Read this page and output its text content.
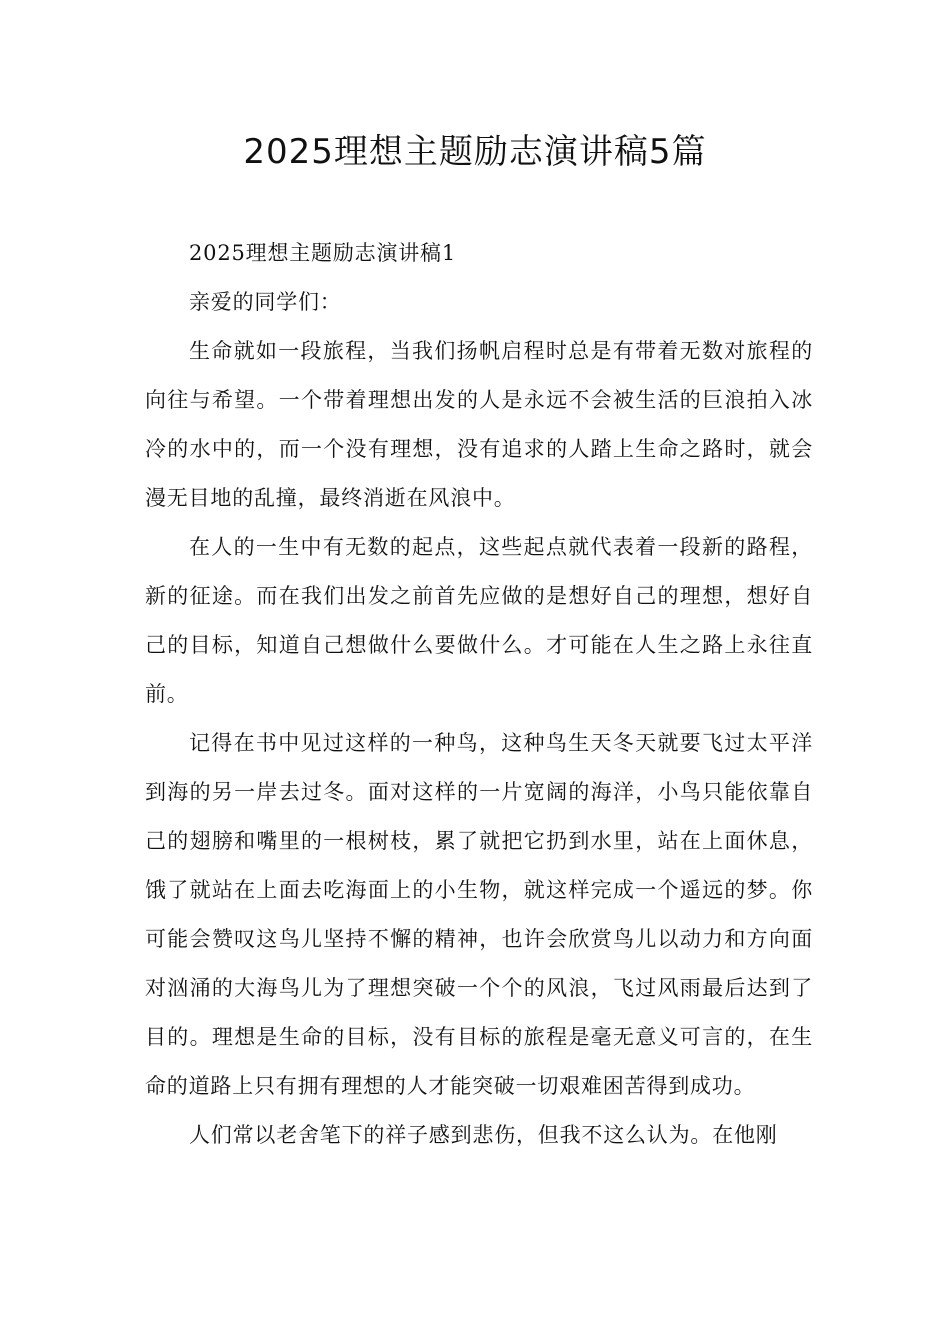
2025理想主题励志演讲稿5篇

2025理想主题励志演讲稿1

亲爱的同学们：

生命就如一段旅程，当我们扬帆启程时总是有带着无数对旅程的向往与希望。一个带着理想出发的人是永远不会被生活的巨浪拍入冰冷的水中的，而一个没有理想，没有追求的人踏上生命之路时，就会漫无目地的乱撞，最终消逝在风浪中。

在人的一生中有无数的起点，这些起点就代表着一段新的路程，新的征途。而在我们出发之前首先应做的是想好自己的理想，想好自己的目标，知道自己想做什么要做什么。才可能在人生之路上永往直前。

记得在书中见过这样的一种鸟，这种鸟生天冬天就要飞过太平洋到海的另一岸去过冬。面对这样的一片宽阔的海洋，小鸟只能依靠自己的翅膀和嘴里的一根树枝，累了就把它扔到水里，站在上面休息，饿了就站在上面去吃海面上的小生物，就这样完成一个遥远的梦。你可能会赞叹这鸟儿坚持不懈的精神，也许会欣赏鸟儿以动力和方向面对汹涌的大海鸟儿为了理想突破一个个的风浪，飞过风雨最后达到了目的。理想是生命的目标，没有目标的旅程是毫无意义可言的，在生命的道路上只有拥有理想的人才能突破一切艰难困苦得到成功。

人们常以老舍笔下的祥子感到悲伤，但我不这么认为。在他刚
